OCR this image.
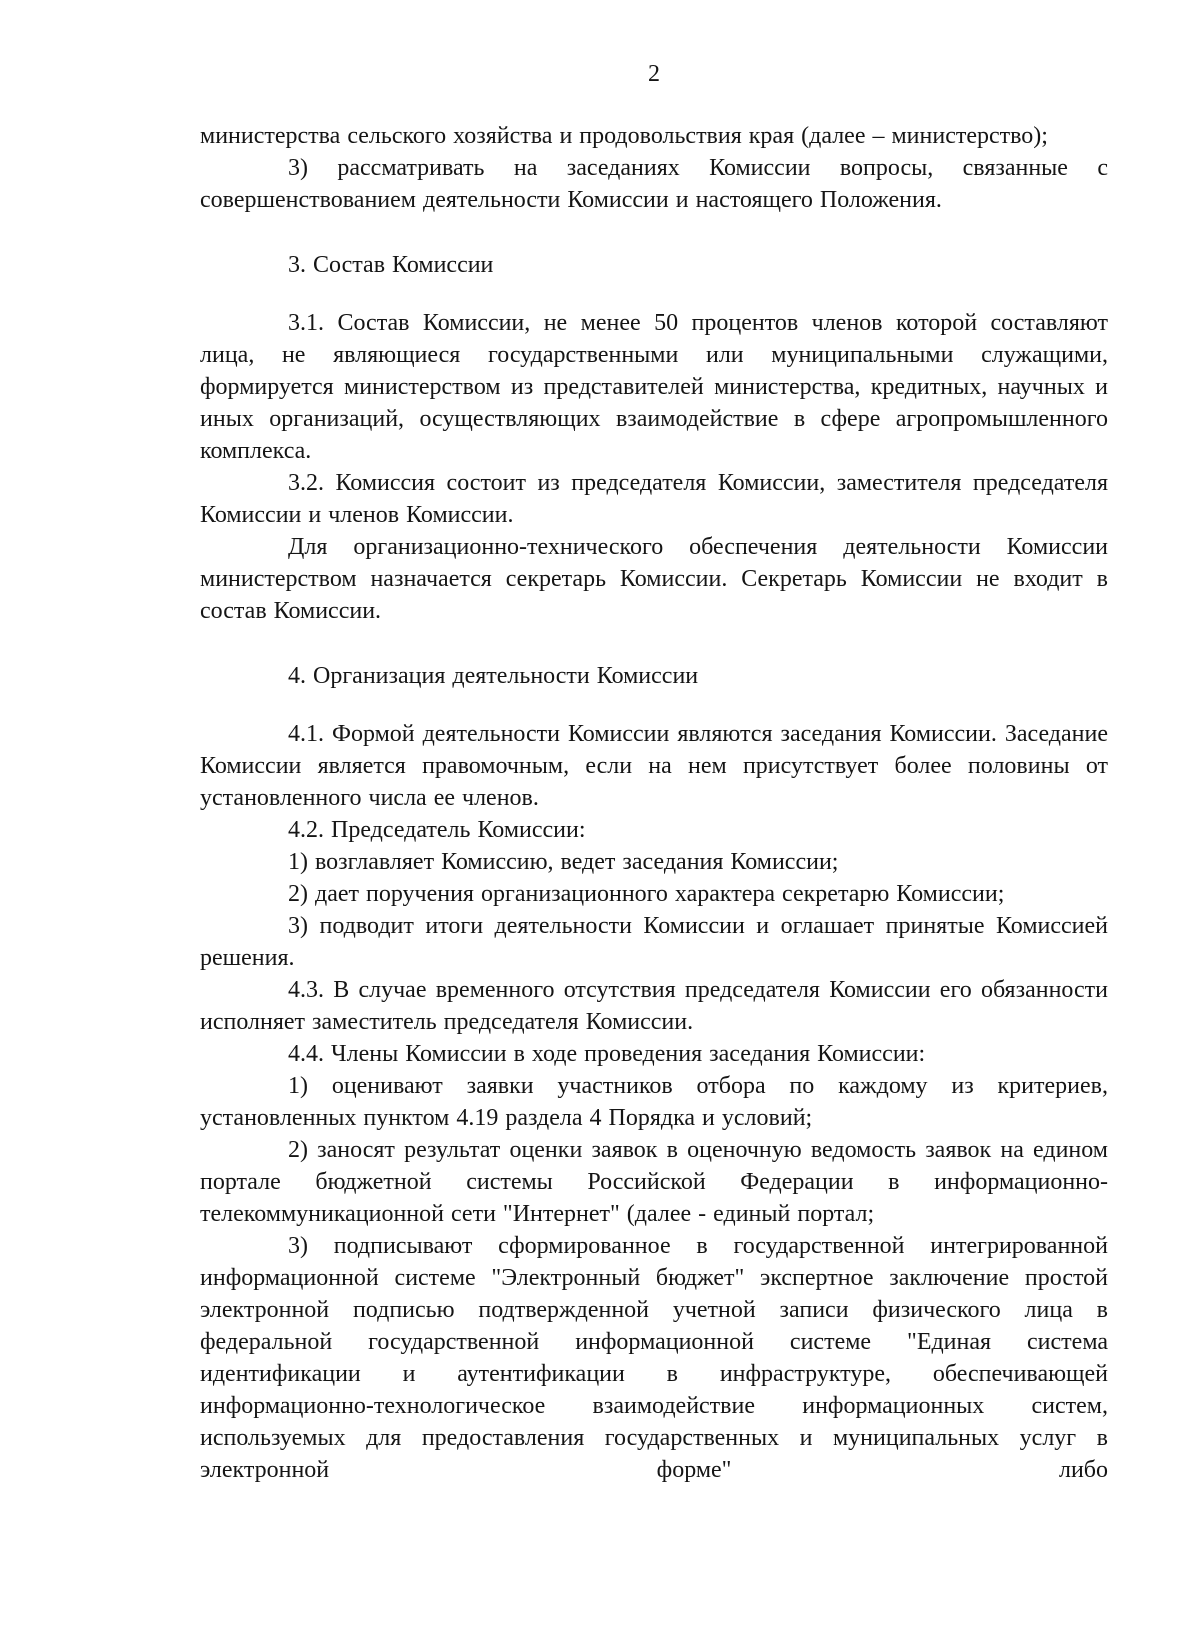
2

министерства сельского хозяйства и продовольствия края (далее – министерство);

3) рассматривать на заседаниях Комиссии вопросы, связанные с совершенствованием деятельности Комиссии и настоящего Положения.

3. Состав Комиссии

3.1. Состав Комиссии, не менее 50 процентов членов которой составляют лица, не являющиеся государственными или муниципальными служащими, формируется министерством из представителей министерства, кредитных, научных и иных организаций, осуществляющих взаимодействие в сфере агропромышленного комплекса.

3.2. Комиссия состоит из председателя Комиссии, заместителя председателя Комиссии и членов Комиссии.

Для организационно-технического обеспечения деятельности Комиссии министерством назначается секретарь Комиссии. Секретарь Комиссии не входит в состав Комиссии.

4. Организация деятельности Комиссии

4.1. Формой деятельности Комиссии являются заседания Комиссии. Заседание Комиссии является правомочным, если на нем присутствует более половины от установленного числа ее членов.

4.2. Председатель Комиссии:

1) возглавляет Комиссию, ведет заседания Комиссии;

2) дает поручения организационного характера секретарю Комиссии;

3) подводит итоги деятельности Комиссии и оглашает принятые Комиссией решения.

4.3. В случае временного отсутствия председателя Комиссии его обязанности исполняет заместитель председателя Комиссии.

4.4. Члены Комиссии в ходе проведения заседания Комиссии:

1) оценивают заявки участников отбора по каждому из критериев, установленных пунктом 4.19 раздела 4 Порядка и условий;

2) заносят результат оценки заявок в оценочную ведомость заявок на едином портале бюджетной системы Российской Федерации в информационно-телекоммуникационной сети "Интернет" (далее - единый портал;

3) подписывают сформированное в государственной интегрированной информационной системе "Электронный бюджет" экспертное заключение простой электронной подписью подтвержденной учетной записи физического лица в федеральной государственной информационной системе "Единая система идентификации и аутентификации в инфраструктуре, обеспечивающей информационно-технологическое взаимодействие информационных систем, используемых для предоставления государственных и муниципальных услуг в электронной форме" либо
